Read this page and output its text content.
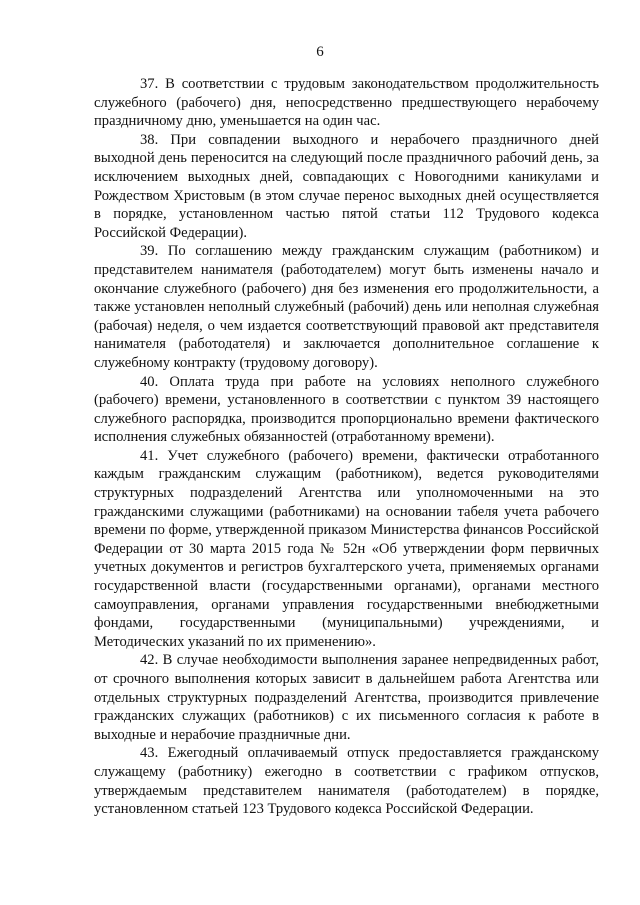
6

37. В соответствии с трудовым законодательством продолжительность служебного (рабочего) дня, непосредственно предшествующего нерабочему праздничному дню, уменьшается на один час.

38. При совпадении выходного и нерабочего праздничного дней выходной день переносится на следующий после праздничного рабочий день, за исключением выходных дней, совпадающих с Новогодними каникулами и Рождеством Христовым (в этом случае перенос выходных дней осуществляется в порядке, установленном частью пятой статьи 112 Трудового кодекса Российской Федерации).

39. По соглашению между гражданским служащим (работником) и представителем нанимателя (работодателем) могут быть изменены начало и окончание служебного (рабочего) дня без изменения его продолжительности, а также установлен неполный служебный (рабочий) день или неполная служебная (рабочая) неделя, о чем издается соответствующий правовой акт представителя нанимателя (работодателя) и заключается дополнительное соглашение к служебному контракту (трудовому договору).

40. Оплата труда при работе на условиях неполного служебного (рабочего) времени, установленного в соответствии с пунктом 39 настоящего служебного распорядка, производится пропорционально времени фактического исполнения служебных обязанностей (отработанному времени).

41. Учет служебного (рабочего) времени, фактически отработанного каждым гражданским служащим (работником), ведется руководителями структурных подразделений Агентства или уполномоченными на это гражданскими служащими (работниками) на основании табеля учета рабочего времени по форме, утвержденной приказом Министерства финансов Российской Федерации от 30 марта 2015 года № 52н «Об утверждении форм первичных учетных документов и регистров бухгалтерского учета, применяемых органами государственной власти (государственными органами), органами местного самоуправления, органами управления государственными внебюджетными фондами, государственными (муниципальными) учреждениями, и Методических указаний по их применению».

42. В случае необходимости выполнения заранее непредвиденных работ, от срочного выполнения которых зависит в дальнейшем работа Агентства или отдельных структурных подразделений Агентства, производится привлечение гражданских служащих (работников) с их письменного согласия к работе в выходные и нерабочие праздничные дни.

43. Ежегодный оплачиваемый отпуск предоставляется гражданскому служащему (работнику) ежегодно в соответствии с графиком отпусков, утверждаемым представителем нанимателя (работодателем) в порядке, установленном статьей 123 Трудового кодекса Российской Федерации.
